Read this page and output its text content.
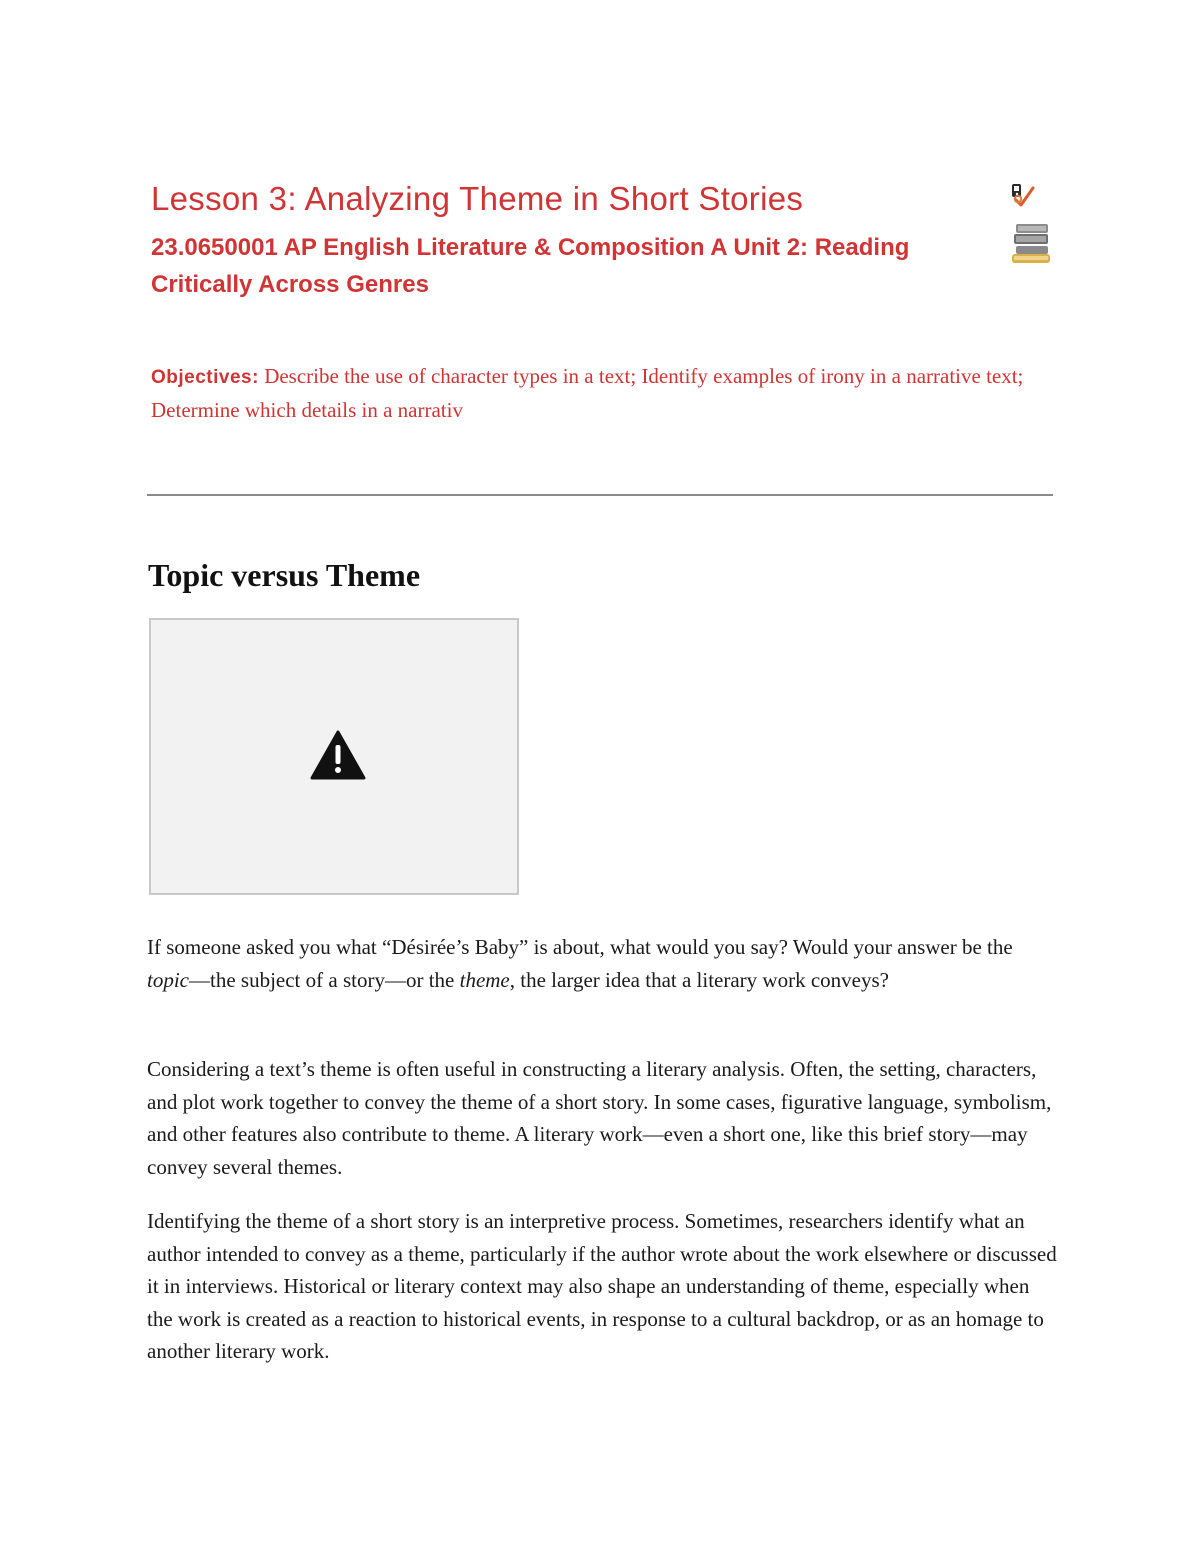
Lesson 3: Analyzing Theme in Short Stories
23.0650001 AP English Literature & Composition A Unit 2: Reading Critically Across Genres

Objectives: Describe the use of character types in a text; Identify examples of irony in a narrative text; Determine which details in a narrativ

Topic versus Theme

If someone asked you what “Désirée’s Baby” is about, what would you say? Would your answer be the topic—the subject of a story—or the theme, the larger idea that a literary work conveys?

Considering a text’s theme is often useful in constructing a literary analysis. Often, the setting, characters, and plot work together to convey the theme of a short story. In some cases, figurative language, symbolism, and other features also contribute to theme. A literary work—even a short one, like this brief story—may convey several themes.

Identifying the theme of a short story is an interpretive process. Sometimes, researchers identify what an author intended to convey as a theme, particularly if the author wrote about the work elsewhere or discussed it in interviews. Historical or literary context may also shape an understanding of theme, especially when the work is created as a reaction to historical events, in response to a cultural backdrop, or as an homage to another literary work.
